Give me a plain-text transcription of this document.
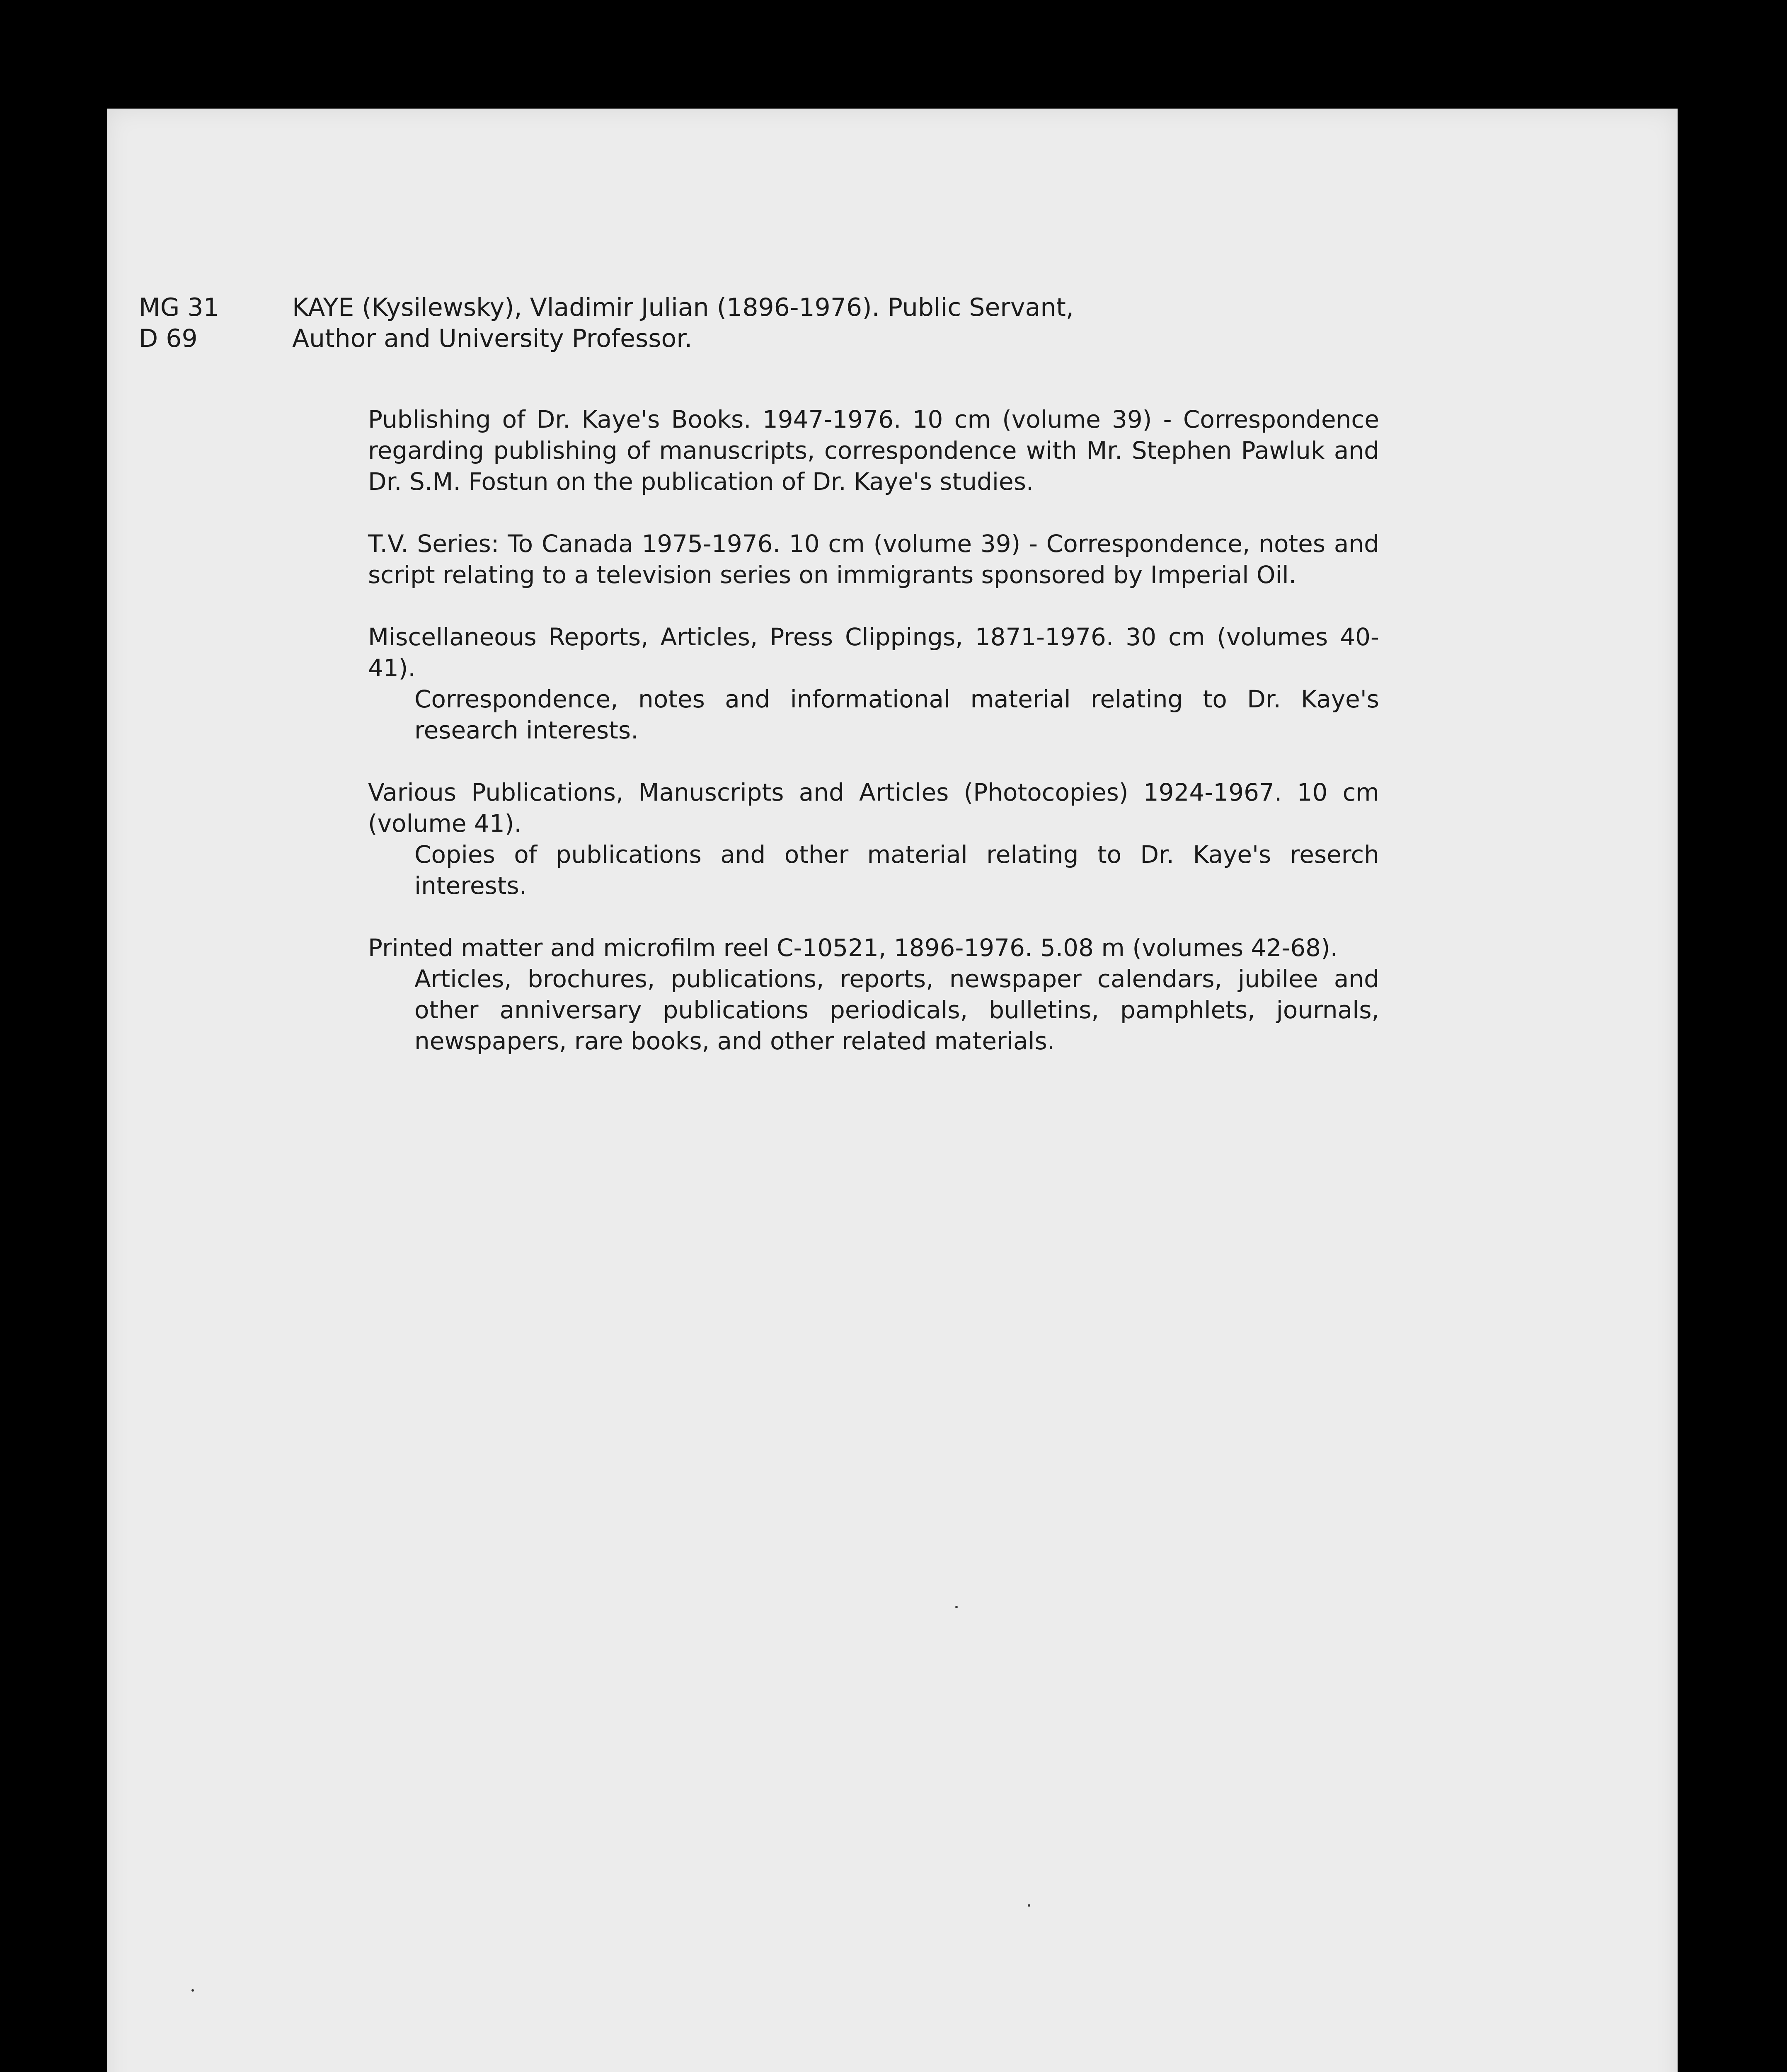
MG 31
D 69
KAYE (Kysilewsky), Vladimir Julian (1896-1976). Public Servant,
Author and University Professor.
Publishing of Dr. Kaye's Books. 1947-1976. 10 cm (volume 39) - Correspondence regarding publishing of manuscripts, correspondence with Mr. Stephen Pawluk and Dr. S.M. Fostun on the publication of Dr. Kaye's studies.
T.V. Series: To Canada 1975-1976. 10 cm (volume 39) - Correspondence, notes and script relating to a television series on immigrants sponsored by Imperial Oil.
Miscellaneous Reports, Articles, Press Clippings, 1871-1976. 30 cm (volumes 40-41).
Correspondence, notes and informational material relating to Dr. Kaye's research interests.
Various Publications, Manuscripts and Articles (Photocopies) 1924-1967. 10 cm (volume 41).
Copies of publications and other material relating to Dr. Kaye's reserch interests.
Printed matter and microfilm reel C-10521, 1896-1976. 5.08 m (volumes 42-68).
Articles, brochures, publications, reports, newspaper calendars, jubilee and other anniversary publications periodicals, bulletins, pamphlets, journals, newspapers, rare books, and other related materials.
